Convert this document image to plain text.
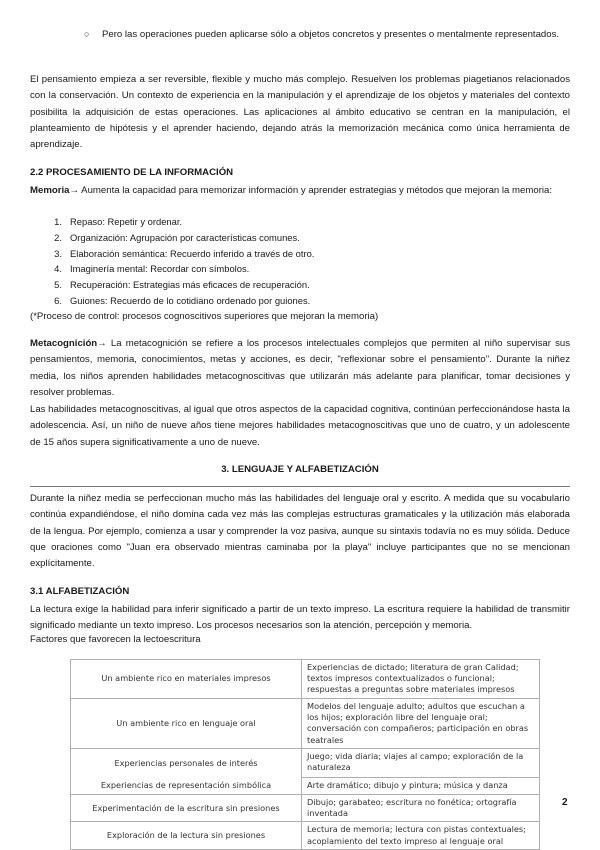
○	Pero las operaciones pueden aplicarse sólo a objetos concretos y presentes o mentalmente representados.

El pensamiento empieza a ser reversible, flexible y mucho más complejo. Resuelven los problemas piagetianos relacionados con la conservación. Un contexto de experiencia en la manipulación y el aprendizaje de los objetos y materiales del contexto posibilita la adquisición de estas operaciones. Las aplicaciones al ámbito educativo se centran en la manipulación, el planteamiento de hipótesis y el aprender haciendo, dejando atrás la memorización mecánica como única herramienta de aprendizaje.

2.2 PROCESAMIENTO DE LA INFORMACIÓN

Memoria→ Aumenta la capacidad para memorizar información y aprender estrategias y métodos que mejoran la memoria:

1. Repaso: Repetir y ordenar.
2. Organización: Agrupación por características comunes.
3. Elaboración semántica: Recuerdo inferido a través de otro.
4. Imaginería mental: Recordar con símbolos.
5. Recuperación: Estrategias más eficaces de recuperación.
6. Guiones: Recuerdo de lo cotidiano ordenado por guiones.

(*Proceso de control: procesos cognoscitivos superiores que mejoran la memoria)

Metacognición→ La metacognición se refiere a los procesos intelectuales complejos que permiten al niño supervisar sus pensamientos, memoria, conocimientos, metas y acciones, es decir, "reflexionar sobre el pensamiento". Durante la niñez media, los niños aprenden habilidades metacognoscitivas que utilizarán más adelante para planificar, tomar decisiones y resolver problemas.

Las habilidades metacognoscitivas, al igual que otros aspectos de la capacidad cognitiva, continúan perfeccionándose hasta la adolescencia. Así, un niño de nueve años tiene mejores habilidades metacognoscitivas que uno de cuatro, y un adolescente de 15 años supera significativamente a uno de nueve.

3. LENGUAJE Y ALFABETIZACIÓN

Durante la niñez media se perfeccionan mucho más las habilidades del lenguaje oral y escrito. A medida que su vocabulario continúa expandiéndose, el niño domina cada vez más las complejas estructuras gramaticales y la utilización más elaborada de la lengua. Por ejemplo, comienza a usar y comprender la voz pasiva, aunque su sintaxis todavía no es muy sólida. Deduce que oraciones como "Juan era observado mientras caminaba por la playa" incluye participantes que no se mencionan explícitamente.

3.1 ALFABETIZACIÓN

La lectura exige la habilidad para inferir significado a partir de un texto impreso. La escritura requiere la habilidad de transmitir significado mediante un texto impreso. Los procesos necesarios son la atención, percepción y memoria.

Factores que favorecen la lectoescritura

Un ambiente rico en materiales impresos	Experiencias de dictado; literatura de gran Calidad; textos impresos contextualizados o funcional; respuestas a preguntas sobre materiales impresos
Un ambiente rico en lenguaje oral	Modelos del lenguaje adulto; adultos que escuchan a los hijos; exploración libre del lenguaje oral; conversación con compañeros; participación en obras teatrales
Experiencias personales de interés	Juego; vida diaria; viajes al campo; exploración de la naturaleza
Experiencias de representación simbólica	Arte dramático; dibujo y pintura; música y danza
Experimentación de la escritura sin presiones	Dibujo; garabateo; escritura no fonética; ortografía inventada
Exploración de la lectura sin presiones	Lectura de memoria; lectura con pistas contextuales; acoplamiento del texto impreso al lenguaje oral
2
